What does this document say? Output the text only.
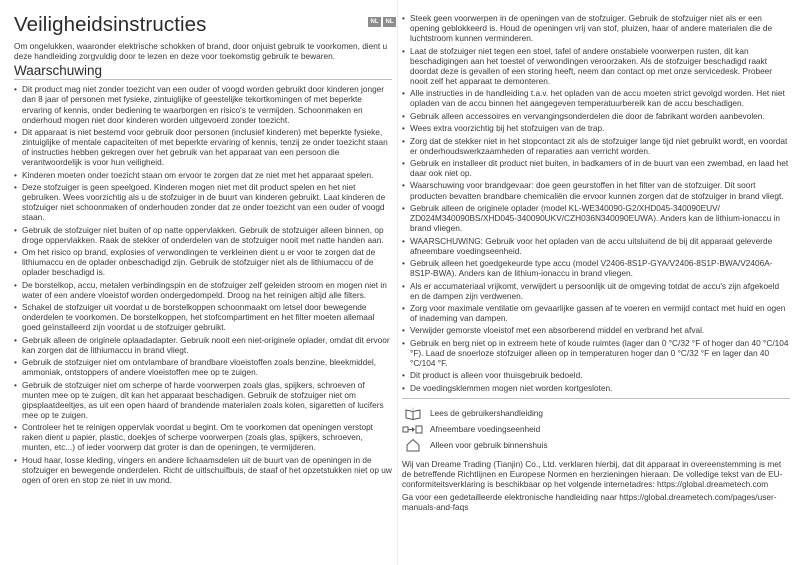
NL	NL
Veiligheidsinstructies

Om ongelukken, waaronder elektrische schokken of brand, door onjuist gebruik te voorkomen, dient u deze handleiding zorgvuldig door te lezen en deze voor toekomstig gebruik te bewaren.

Waarschuwing
• Dit product mag niet zonder toezicht van een ouder of voogd worden gebruikt door kinderen jonger dan 8 jaar of personen met fysieke, zintuiglijke of geestelijke tekortkomingen of met beperkte ervaring of kennis, onder bediening te waarborgen en risico's te vermijden. Schoonmaken en onderhoud mogen niet door kinderen worden uitgevoerd zonder toezicht.
• Dit apparaat is niet bestemd voor gebruik door personen (inclusief kinderen) met beperkte fysieke, zintuiglijke of mentale capaciteiten of met beperkte ervaring of kennis, tenzij ze onder toezicht staan of instructies hebben gekregen over het gebruik van het apparaat van een persoon die verantwoordelijk is voor hun veiligheid.
• Kinderen moeten onder toezicht staan om ervoor te zorgen dat ze niet met het apparaat spelen.
• Deze stofzuiger is geen speelgoed. Kinderen mogen niet met dit product spelen en het niet gebruiken. Wees voorzichtig als u de stofzuiger in de buurt van kinderen gebruikt. Laat kinderen de stofzuiger niet schoonmaken of onderhouden zonder dat ze onder toezicht van een ouder of voogd staan.
• Gebruik de stofzuiger niet buiten of op natte oppervlakken. Gebruik de stofzuiger alleen binnen, op droge oppervlakken. Raak de stekker of onderdelen van de stofzuiger nooit met natte handen aan.
• Om het risico op brand, explosies of verwondingen te verkleinen dient u er voor te zorgen dat de lithiumaccu en de oplader onbeschadigd zijn. Gebruik de stofzuiger niet als de lithiumaccu of de oplader beschadigd is.
• De borstelkop, accu, metalen verbindingspin en de stofzuiger zelf geleiden stroom en mogen niet in water of een andere vloeistof worden ondergedompeld. Droog na het reinigen altijd alle filters.
• Schakel de stofzuiger uit voordat u de borstelkoppen schoonmaakt om letsel door bewegende onderdelen te voorkomen. De borstelkoppen, het stofcompartiment en het filter moeten allemaal goed geïnstalleerd zijn voordat u de stofzuiger gebruikt.
• Gebruik alleen de originele oplaadadapter. Gebruik nooit een niet-originele oplader, omdat dit ervoor kan zorgen dat de lithiumaccu in brand vliegt.
• Gebruik de stofzuiger niet om ontvlambare of brandbare vloeistoffen zoals benzine, bleekmiddel, ammoniak, ontstoppers of andere vloeistoffen mee op te zuigen.
• Gebruik de stofzuiger niet om scherpe of harde voorwerpen zoals glas, spijkers, schroeven of munten mee op te zuigen, dit kan het apparaat beschadigen. Gebruik de stofzuiger niet om gipsplaatdeeltjes, as uit een open haard of brandende materialen zoals kolen, sigaretten of lucifers mee op te zuigen.
• Controleer het te reinigen oppervlak voordat u begint. Om te voorkomen dat openingen verstopt raken dient u papier, plastic, doekjes of scherpe voorwerpen (zoals glas, spijkers, schroeven, munten, etc...) of ieder voorwerp dat groter is dan de openingen, te vermijderen.
• Houd haar, losse kleding, vingers en andere lichaamsdelen uit de buurt van de openingen in de stofzuiger en bewegende onderdelen. Richt de uitlschuifbuis, de staaf of het opzetstukken niet op uw ogen of oren en stop ze niet in uw mond.
• Steek geen voorwerpen in de openingen van de stofzuiger. Gebruik de stofzuiger niet als er een opening geblokkeerd is. Houd de openingen vrij van stof, pluizen, haar of andere materialen die de luchtstroom kunnen verminderen.
• Laat de stofzuiger niet tegen een stoel, tafel of andere onstabiele voorwerpen rusten, dit kan beschadigingen aan het toestel of verwondingen veroorzaken. Als de stofzuiger beschadigd raakt doordat deze is gevallen of een storing heeft, neem dan contact op met onze servicedesk. Probeer nooit zelf het apparaat te demonteren.
• Alle instructies in de handleiding t.a.v. het opladen van de accu moeten strict gevolgd worden. Het niet opladen van de accu binnen het aangegeven temperatuurbereik kan de accu beschadigen.
• Gebruik alleen accessoires en vervangingsonderdelen die door de fabrikant worden aanbevolen.
• Wees extra voorzichtig bij het stofzuigen van de trap.
• Zorg dat de stekker niet in het stopcontact zit als de stofzuiger lange tijd niet gebruikt wordt, en voordat er onderhoudswerkzaamheden of reparaties aan verricht worden.
• Gebruik en installeer dit product niet buiten, in badkamers of in de buurt van een zwembad, en laad het daar ook niet op.
• Waarschuwing voor brandgevaar: doe geen geurstoffen in het filter van de stofzuiger. Dit soort producten bevatten brandbare chemicaliën die ervoor kunnen zorgen dat de stofzuiger in brand vliegt.
• Gebruik alleen de originele oplader (model KL-WE340090-G2/XHD045-340090EUV/ ZD024M340090BS/XHD045-340090UKV/CZH036N340090EUWA). Anders kan de lithium-ionaccu in brand vliegen.
• WAARSCHUWING: Gebruik voor het opladen van de accu uitsluitend de bij dit apparaat geleverde afneembare voedingseenheid.
• Gebruik alleen het goedgekeurde type accu (model V2406-8S1P-GYA/V2406-8S1P-BWA/V2406A-8S1P-BWA). Anders kan de lithium-ionaccu in brand vliegen.
• Als er accumateriaal vrijkomt, verwijdert u persoonlijk uit de omgeving totdat de accu's zijn afgekoeld en de dampen zijn verdwenen.
• Zorg voor maximale ventilatie om gevaarlijke gassen af te voeren en vermijd contact met huid en ogen of inademing van dampen.
• Verwijder gemorste vloeistof met een absorberend middel en verbrand het afval.
• Gebruik en berg niet op in extreem hete of koude ruimtes (lager dan 0 °C/32 °F of hoger dan 40 °C/104 °F). Laad de snoerloze stofzuiger alleen op in temperaturen hoger dan 0 °C/32 °F en lager dan 40 °C/104 °F.
• Dit product is alleen voor thuisgebruik bedoeld.
• De voedingsklemmen mogen niet worden kortgesloten.
i Lees de gebruikershandleiding
Afneembare voedingseenheid
Alleen voor gebruik binnenshuis

Wij van Dreame Trading (Tianjin) Co., Ltd. verklaren hierbij, dat dit apparaat in overeenstemming is met de betreffende Richtlijnen en Europese Normen en herzieningen hieraan. De volledige tekst van de EU-conformiteitsverklaring is beschikbaar op het volgende internetadres: https://global.dreametech.com

Ga voor een gedetailleerde elektronische handleiding naar https://global.dreametech.com/pages/user-manuals-and-faqs
